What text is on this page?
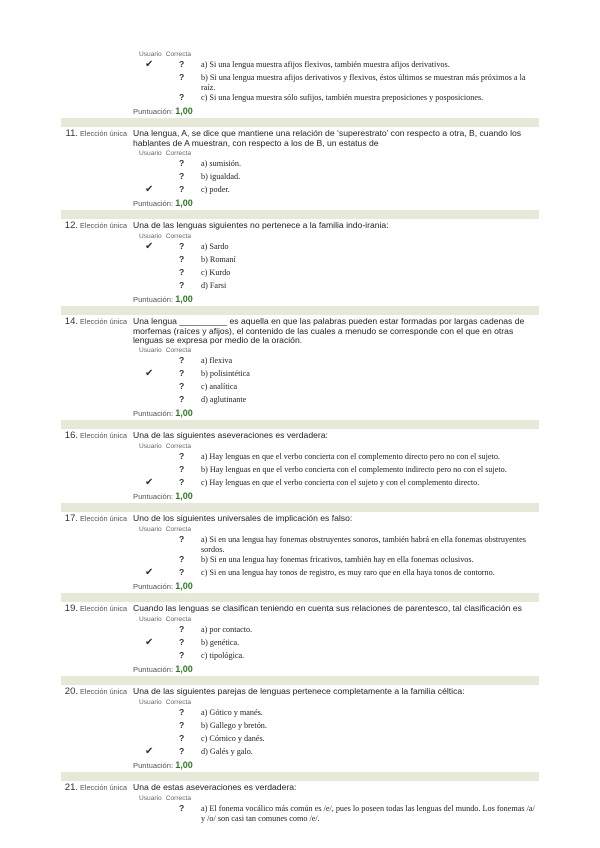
Usuario Correcta
✔	? a) Si una lengua muestra afijos flexivos, también muestra afijos derivativos.
? b) Si una lengua muestra afijos derivativos y flexivos, éstos últimos se muestran más próximos a la raíz.
? c) Si una lengua muestra sólo sufijos, también muestra preposiciones y posposiciones.
Puntuación: 1,00
11. Elección única Una lengua, A, se dice que mantiene una relación de ‘superestrato’ con respecto a otra, B, cuando los hablantes de A muestran, con respecto a los de B, un estatus de
Usuario Correcta
? a) sumisión.
? b) igualdad.
✔	? c) poder.
Puntuación: 1,00
12. Elección única Una de las lenguas siguientes no pertenece a la familia indo-irania:
Usuario Correcta
✔	? a) Sardo
? b) Romaní
? c) Kurdo
? d) Farsi
Puntuación: 1,00
14. Elección única Una lengua __________ es aquella en que las palabras pueden estar formadas por largas cadenas de morfemas (raíces y afijos), el contenido de las cuales a menudo se corresponde con el que en otras lenguas se expresa por medio de la oración.
Usuario Correcta
? a) flexiva
✔	? b) polisintética
? c) analítica
? d) aglutinante
Puntuación: 1,00
16. Elección única Una de las siguientes aseveraciones es verdadera:
Usuario Correcta
? a) Hay lenguas en que el verbo concierta con el complemento directo pero no con el sujeto.
? b) Hay lenguas en que el verbo concierta con el complemento indirecto pero no con el sujeto.
✔	? c) Hay lenguas en que el verbo concierta con el sujeto y con el complemento directo.
Puntuación: 1,00
17. Elección única Uno de los siguientes universales de implicación es falso:
Usuario Correcta
? a) Si en una lengua hay fonemas obstruyentes sonoros, también habrá en ella fonemas obstruyentes sordos.
? b) Si en una lengua hay fonemas fricativos, también hay en ella fonemas oclusivos.
✔	? c) Si en una lengua hay tonos de registro, es muy raro que en ella haya tonos de contorno.
Puntuación: 1,00
19. Elección única Cuando las lenguas se clasifican teniendo en cuenta sus relaciones de parentesco, tal clasificación es
Usuario Correcta
? a) por contacto.
✔	? b) genética.
? c) tipológica.
Puntuación: 1,00
20. Elección única Una de las siguientes parejas de lenguas pertenece completamente a la familia céltica:
Usuario Correcta
? a) Gótico y manés.
? b) Gallego y bretón.
? c) Córnico y danés.
✔	? d) Galés y galo.
Puntuación: 1,00
21. Elección única Una de estas aseveraciones es verdadera:
Usuario Correcta
? a) El fonema vocálico más común es /e/, pues lo poseen todas las lenguas del mundo. Los fonemas /a/ y /o/ son casi tan comunes como /e/.
